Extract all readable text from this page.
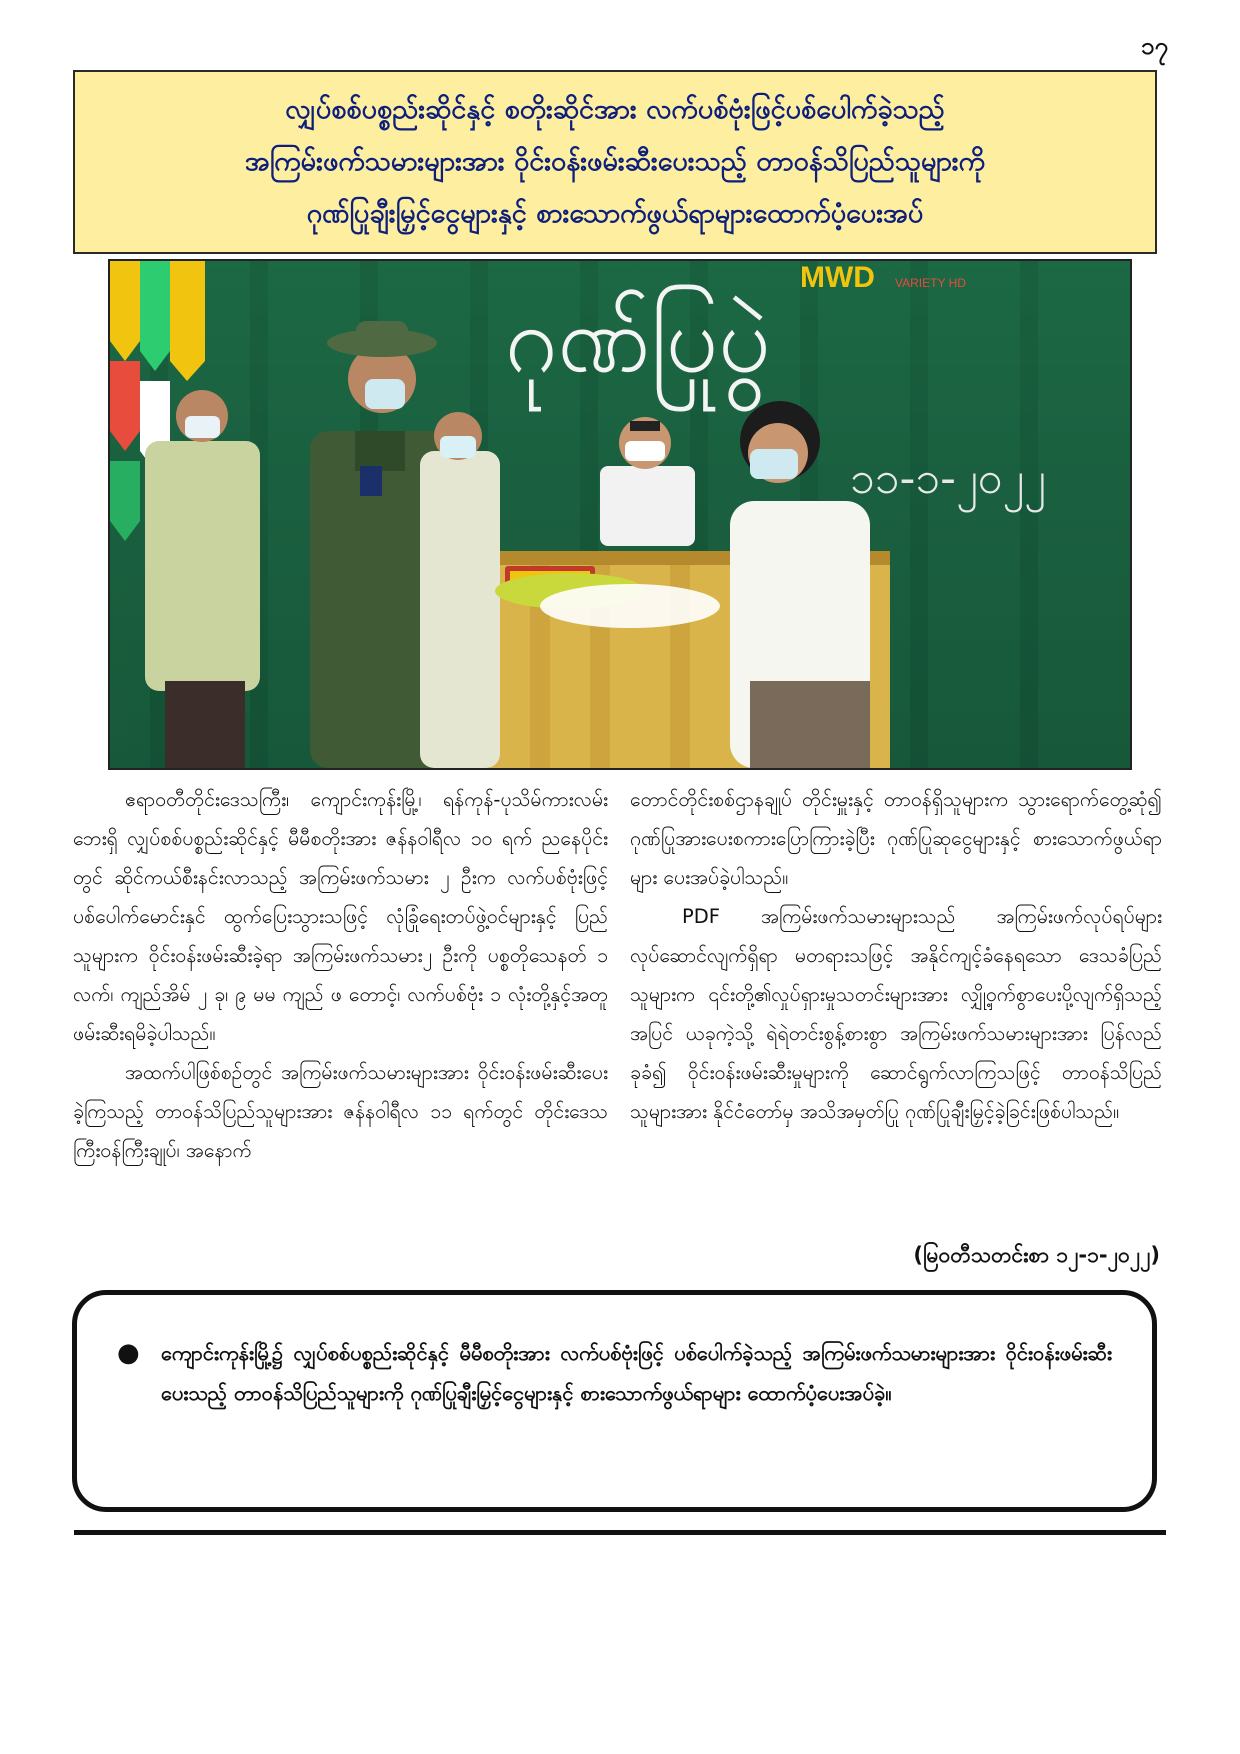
၁၇
လျှပ်စစ်ပစ္စည်းဆိုင်နှင့် စတိုးဆိုင်အား လက်ပစ်ဗုံးဖြင့်ပစ်ပေါက်ခဲ့သည့်
အကြမ်းဖက်သမားများအား ဝိုင်းဝန်းဖမ်းဆီးပေးသည့် တာဝန်သိပြည်သူများကို
ဂုဏ်ပြုချီးမြှင့်ငွေများနှင့် စားသောက်ဖွယ်ရာများထောက်ပံ့ပေးအပ်
ဂုဏ်ပြုပွဲ
၁၁-၁-၂၀၂၂
MWD VARIETY HD

ဧရာဝတီတိုင်းဒေသကြီး၊ ကျောင်းကုန်းမြို့၊ ရန်ကုန်-ပုသိမ်ကားလမ်းဘေးရှိ လျှပ်စစ်ပစ္စည်းဆိုင်နှင့် မီမီစတိုးအား ဇန်နဝါရီလ ၁၀ ရက် ညနေပိုင်းတွင် ဆိုင်ကယ်စီးနင်းလာသည့် အကြမ်းဖက်သမား ၂ ဦးက လက်ပစ်ဗုံးဖြင့် ပစ်ပေါက်မောင်းနှင် ထွက်ပြေးသွားသဖြင့် လုံခြုံရေးတပ်ဖွဲ့ဝင်များနှင့် ပြည်သူများက ဝိုင်းဝန်းဖမ်းဆီးခဲ့ရာ အကြမ်းဖက်သမား၂ ဦးကို ပစ္စတိုသေနတ် ၁ လက်၊ ကျည်အိမ် ၂ ခု၊ ၉ မမ ကျည် ဖ တောင့်၊ လက်ပစ်ဗုံး ၁ လုံးတို့နှင့်အတူ ဖမ်းဆီးရမိခဲ့ပါသည်။

အထက်ပါဖြစ်စဉ်တွင် အကြမ်းဖက်သမားများအား ဝိုင်းဝန်းဖမ်းဆီးပေးခဲ့ကြသည့် တာဝန်သိပြည်သူများအား ဇန်နဝါရီလ ၁၁ ရက်တွင် တိုင်းဒေသကြီးဝန်ကြီးချုပ်၊ အနောက်

တောင်တိုင်းစစ်ဌာနချုပ် တိုင်းမှူးနှင့် တာဝန်ရှိသူများက သွားရောက်တွေ့ဆုံ၍ ဂုဏ်ပြုအားပေးစကားပြောကြားခဲ့ပြီး ဂုဏ်ပြုဆုငွေများနှင့် စားသောက်ဖွယ်ရာများ ပေးအပ်ခဲ့ပါသည်။

PDF အကြမ်းဖက်သမားများသည် အကြမ်းဖက်လုပ်ရပ်များ လုပ်ဆောင်လျက်ရှိရာ မတရားသဖြင့် အနိုင်ကျင့်ခံနေရသော ဒေသခံပြည်သူများက ၎င်းတို့၏လှုပ်ရှားမှုသတင်းများအား လျှို့ဝှက်စွာပေးပို့လျက်ရှိသည့်အပြင် ယခုကဲ့သို့ ရဲရဲတင်းစွန့်စားစွာ အကြမ်းဖက်သမားများအား ပြန်လည်ခုခံ၍ ဝိုင်းဝန်းဖမ်းဆီးမှုများကို ဆောင်ရွက်လာကြသဖြင့် တာဝန်သိပြည်သူများအား နိုင်ငံတော်မှ အသိအမှတ်ပြု ဂုဏ်ပြုချီးမြှင့်ခဲ့ခြင်းဖြစ်ပါသည်။

(မြဝတီသတင်းစာ ၁၂-၁-၂၀၂၂)
●	ကျောင်းကုန်းမြို့၌ လျှပ်စစ်ပစ္စည်းဆိုင်နှင့် မီမီစတိုးအား လက်ပစ်ဗုံးဖြင့် ပစ်ပေါက်ခဲ့သည့် အကြမ်းဖက်သမားများအား ဝိုင်းဝန်းဖမ်းဆီးပေးသည့် တာဝန်သိပြည်သူများကို ဂုဏ်ပြုချီးမြှင့်ငွေများနှင့် စားသောက်ဖွယ်ရာများ ထောက်ပံ့ပေးအပ်ခဲ့။
